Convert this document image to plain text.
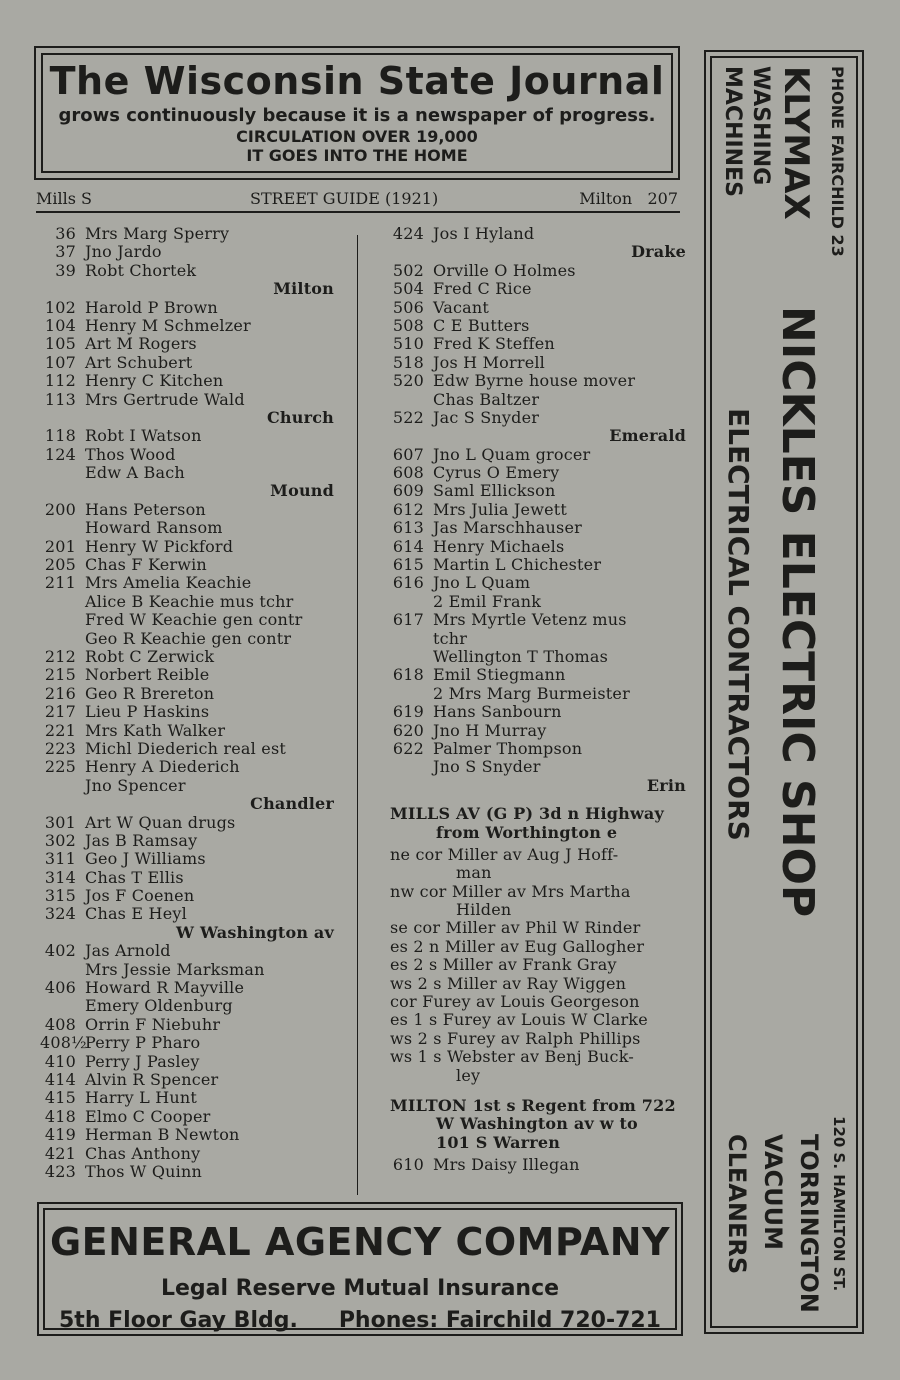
The Wisconsin State Journal
grows continuously because it is a newspaper of progress.
CIRCULATION OVER 19,000
IT GOES INTO THE HOME
Mills S	STREET GUIDE (1921)	Milton 207
36 Mrs Marg Sperry
37 Jno Jardo
39 Robt Chortek
Milton
102 Harold P Brown
104 Henry M Schmelzer
105 Art M Rogers
107 Art Schubert
112 Henry C Kitchen
113 Mrs Gertrude Wald
Church
118 Robt I Watson
124 Thos Wood
Edw A Bach
Mound
200 Hans Peterson
Howard Ransom
201 Henry W Pickford
205 Chas F Kerwin
211 Mrs Amelia Keachie
Alice B Keachie mus tchr
Fred W Keachie gen contr
Geo R Keachie gen contr
212 Robt C Zerwick
215 Norbert Reible
216 Geo R Brereton
217 Lieu P Haskins
221 Mrs Kath Walker
223 Michl Diederich real est
225 Henry A Diederich
Jno Spencer
Chandler
301 Art W Quan drugs
302 Jas B Ramsay
311 Geo J Williams
314 Chas T Ellis
315 Jos F Coenen
324 Chas E Heyl
W Washington av
402 Jas Arnold
Mrs Jessie Marksman
406 Howard R Mayville
Emery Oldenburg
408 Orrin F Niebuhr
408½
Perry P Pharo
410 Perry J Pasley
414 Alvin R Spencer
415 Harry L Hunt
418 Elmo C Cooper
419 Herman B Newton
421 Chas Anthony
423 Thos W Quinn
424 Jos I Hyland
Drake
502 Orville O Holmes
504 Fred C Rice
506 Vacant
508 C E Butters
510 Fred K Steffen
518 Jos H Morrell
520 Edw Byrne house mover
Chas Baltzer
522 Jac S Snyder
Emerald
607 Jno L Quam grocer
608 Cyrus O Emery
609 Saml Ellickson
612 Mrs Julia Jewett
613 Jas Marschhauser
614 Henry Michaels
615 Martin L Chichester
616 Jno L Quam
2 Emil Frank
617 Mrs Myrtle Vetenz mus
tchr
Wellington T Thomas
618 Emil Stiegmann
2 Mrs Marg Burmeister
619 Hans Sanbourn
620 Jno H Murray
622 Palmer Thompson
Jno S Snyder
Erin
MILLS AV (G P) 3d n Highway
from Worthington e
ne cor Miller av Aug J Hoff-
man
nw cor Miller av Mrs Martha
Hilden
se cor Miller av Phil W Rinder
es 2 n Miller av Eug Gallogher
es 2 s Miller av Frank Gray
ws 2 s Miller av Ray Wiggen
cor Furey av Louis Georgeson
es 1 s Furey av Louis W Clarke
ws 2 s Furey av Ralph Phillips
ws 1 s Webster av Benj Buck-
ley
MILTON 1st s Regent from 722
W Washington av w to
101 S Warren
610 Mrs Daisy Illegan
PHONE FAIRCHILD 23
KLYMAX
WASHING
MACHINES
NICKLES ELECTRIC SHOP
ELECTRICAL CONTRACTORS
120 S. HAMILTON ST.
TORRINGTON
VACUUM
CLEANERS
GENERAL AGENCY COMPANY
Legal Reserve Mutual Insurance
5th Floor Gay Bldg. Phones: Fairchild 720-721
